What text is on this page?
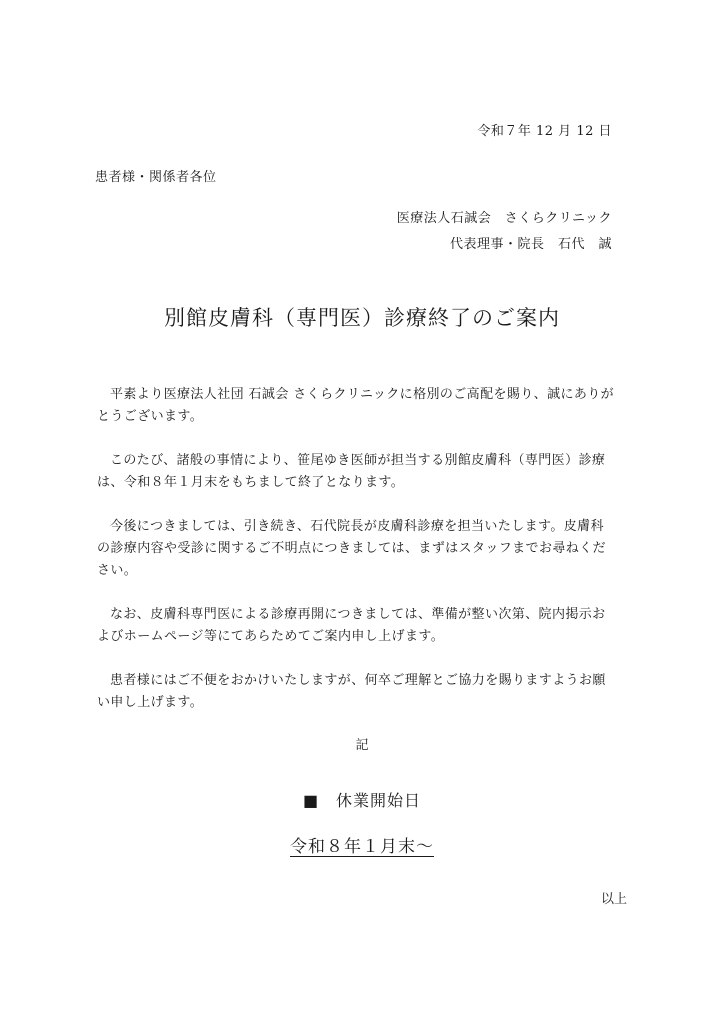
令和７年 12 月 12 日
患者様・関係者各位
医療法人石誠会　さくらクリニック
代表理事・院長　石代　誠
別館皮膚科（専門医）診療終了のご案内

平素より医療法人社団 石誠会 さくらクリニックに格別のご高配を賜り、誠にありがとうございます。

このたび、諸般の事情により、笹尾ゆき医師が担当する別館皮膚科（専門医）診療は、令和８年１月末をもちまして終了となります。

今後につきましては、引き続き、石代院長が皮膚科診療を担当いたします。皮膚科の診療内容や受診に関するご不明点につきましては、まずはスタッフまでお尋ねください。

なお、皮膚科専門医による診療再開につきましては、準備が整い次第、院内掲示およびホームページ等にてあらためてご案内申し上げます。

患者様にはご不便をおかけいたしますが、何卒ご理解とご協力を賜りますようお願い申し上げます。

記
■　休業開始日
令和８年１月末〜
以上
